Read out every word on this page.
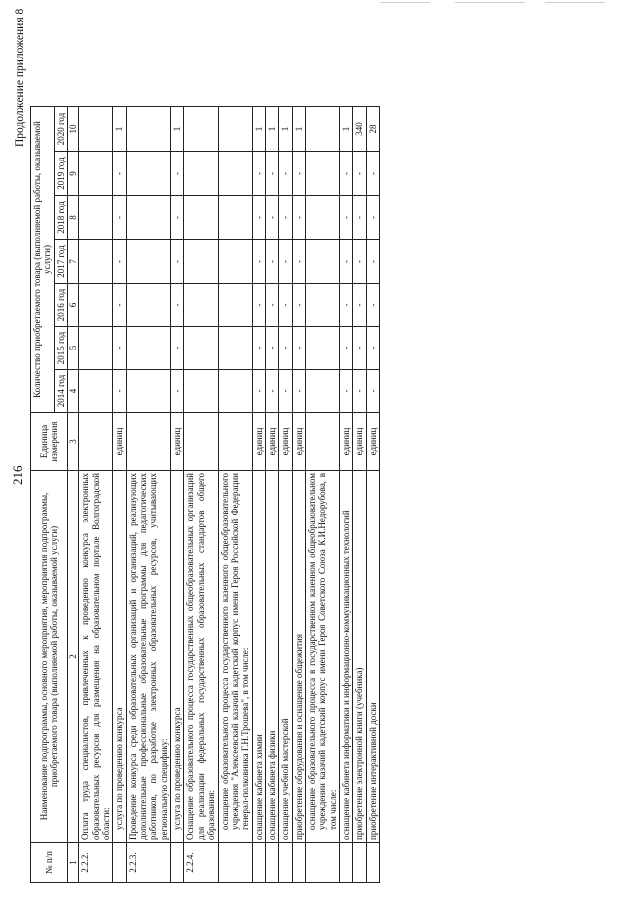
216
Продолжение приложения 8
№ п/п	Наименование подпрограммы, основного мероприятия, мероприятия подпрограммы, приобретаемого товара (выполняемой работы, оказываемой услуги)	Единица измерения	Количество приобретаемого товара (выполняемой работы, оказываемой услуги)						
			2014 год	2015 год	2016 год	2017 год	2018 год	2019 год	2020 год
1	2	3	4	5	6	7	8	9	10
2.2.2.	Оплата труда специалистов, привлеченных к проведению конкурса электронных образовательных ресурсов для размещения на образовательном портале Волгоградской области:								
	услуга по проведению конкурса	единиц	-	-	-	-	-	-	1
2.2.3.	Проведение конкурса среди образовательных организаций и организаций, реализующих дополнительные профессиональные образовательные программы для педагогических работников, по разработке электронных образовательных ресурсов, учитывающих региональную специфику:								
	услуга по проведению конкурса	единиц	-	-	-	-	-	-	1
2.2.4.	Оснащение образовательного процесса государственных общеобразовательных организаций для реализации федеральных государственных образовательных стандартов общего образования:								
	оснащение образовательного процесса государственного казенного общеобразовательного учреждения "Алексеевский казачий кадетский корпус имени Героя Российской Федерации генерал-полковника Г.Н.Трошева", в том числе:								
	оснащение кабинета химии	единиц	-	-	-	-	-	-	1
	оснащение кабинета физики	единиц	-	-	-	-	-	-	1
	оснащение учебной мастерской	единиц	-	-	-	-	-	-	1
	приобретение оборудования и оснащение общежития	единиц	-	-	-	-	-	-	1
	оснащение образовательного процесса в государственном казенном общеобразовательном учреждении казачий кадетский корпус имени Героя Советского Союза К.И.Недорубова, в том числе:								
	оснащение кабинета информатики и информационно-коммуникационных технологий	единиц	-	-	-	-	-	-	1
	приобретение электронной книги (учебника)	единиц	-	-	-	-	-	-	340
	приобретение интерактивной доски	единиц	-	-	-	-	-	-	28
